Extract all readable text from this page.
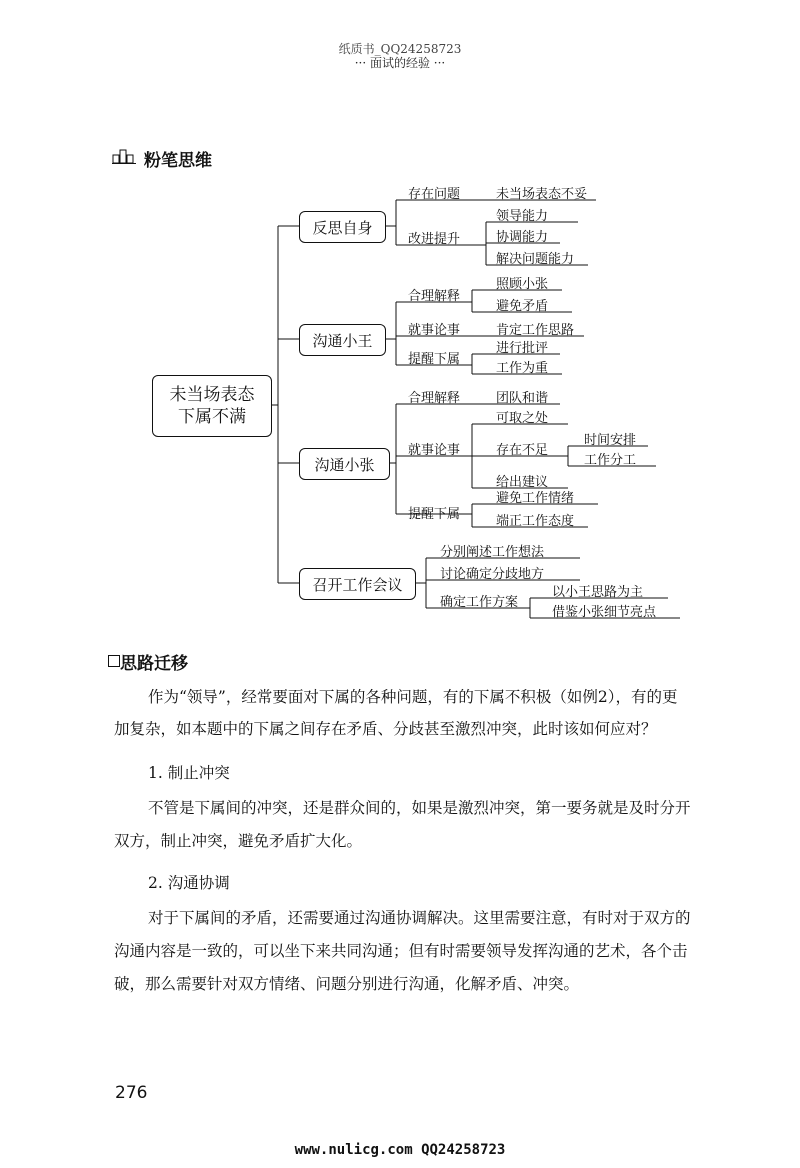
纸质书_QQ24258723
··· 面试的经验 ···
粉笔思维
未当场表态
下属不满
反思自身
沟通小王
沟通小张
召开工作会议
存在问题
改进提升
未当场表态不妥
领导能力
协调能力
解决问题能力
合理解释
就事论事
提醒下属
照顾小张
避免矛盾
肯定工作思路
进行批评
工作为重
合理解释
就事论事
提醒下属
团队和谐
可取之处
存在不足
给出建议
时间安排
工作分工
避免工作情绪
端正工作态度
分别阐述工作想法
讨论确定分歧地方
确定工作方案
以小王思路为主
借鉴小张细节亮点
思路迁移
作为“领导”，经常要面对下属的各种问题，有的下属不积极（如例2），有的更
加复杂，如本题中的下属之间存在矛盾、分歧甚至激烈冲突，此时该如何应对？
1. 制止冲突
不管是下属间的冲突，还是群众间的，如果是激烈冲突，第一要务就是及时分开
双方，制止冲突，避免矛盾扩大化。
2. 沟通协调
对于下属间的矛盾，还需要通过沟通协调解决。这里需要注意，有时对于双方的
沟通内容是一致的，可以坐下来共同沟通；但有时需要领导发挥沟通的艺术，各个击
破，那么需要针对双方情绪、问题分别进行沟通，化解矛盾、冲突。
276
www.nulicg.com QQ24258723
